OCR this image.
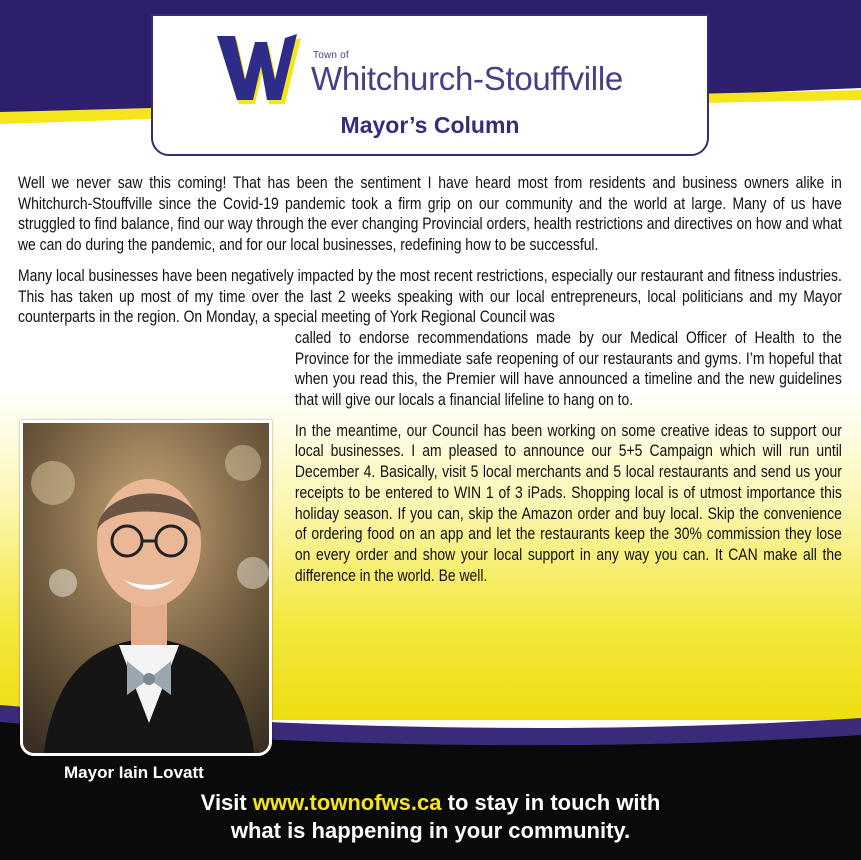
Town of
Whitchurch-Stouffville
Mayor’s Column

Well we never saw this coming! That has been the sentiment I have heard most from residents and business owners alike in Whitchurch-Stouffville since the Covid-19 pandemic took a firm grip on our community and the world at large. Many of us have struggled to find balance, find our way through the ever changing Provincial orders, health restrictions and directives on how and what we can do during the pandemic, and for our local businesses, redefining how to be successful.

Many local businesses have been negatively impacted by the most recent restrictions, especially our restaurant and fitness industries. This has taken up most of my time over the last 2 weeks speaking with our local entrepreneurs, local politicians and my Mayor counterparts in the region. On Monday, a special meeting of York Regional Council was

called to endorse recommendations made by our Medical Officer of Health to the Province for the immediate safe reopening of our restaurants and gyms. I’m hopeful that when you read this, the Premier will have announced a timeline and the new guidelines that will give our locals a financial lifeline to hang on to.

In the meantime, our Council has been working on some creative ideas to support our local businesses. I am pleased to announce our 5+5 Campaign which will run until December 4. Basically, visit 5 local merchants and 5 local restaurants and send us your receipts to be entered to WIN 1 of 3 iPads. Shopping local is of utmost importance this holiday season. If you can, skip the Amazon order and buy local. Skip the convenience of ordering food on an app and let the restaurants keep the 30% commission they lose on every order and show your local support in any way you can. It CAN make all the difference in the world. Be well.

Mayor Iain Lovatt
Visit www.townofws.ca to stay in touch with
what is happening in your community.
